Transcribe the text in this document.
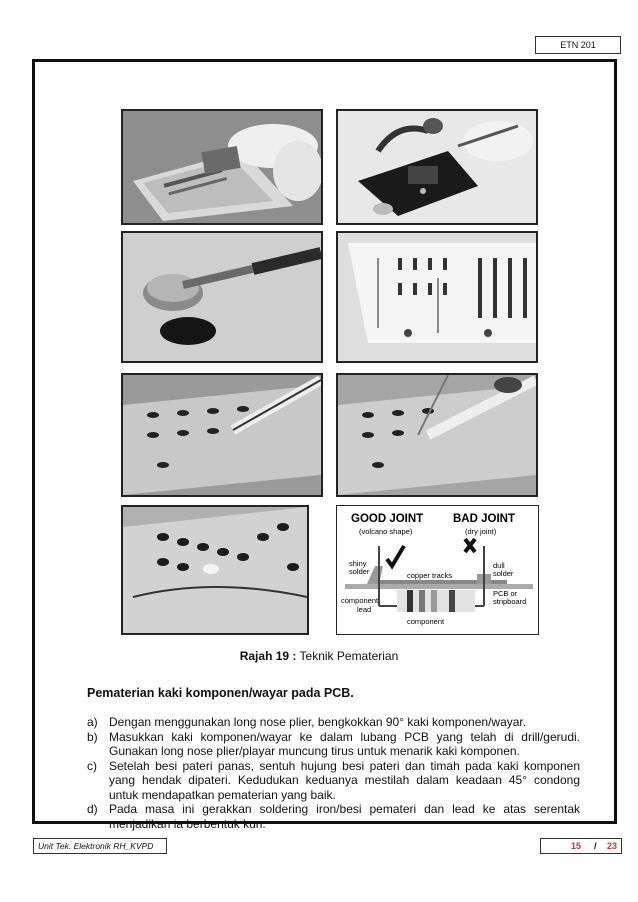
ETN 201
GOOD JOINT
(volcano shape)
BAD JOINT
(dry joint)
shiny
solder
dull
solder
copper tracks
PCB or
stripboard
component
lead
component
Rajah 19 : Teknik Pematerian
Pematerian kaki komponen/wayar pada PCB.
a) Dengan menggunakan long nose plier, bengkokkan 90° kaki komponen/wayar.
b) Masukkan kaki komponen/wayar ke dalam lubang PCB yang telah di drill/gerudi. Gunakan long nose plier/playar muncung tirus untuk menarik kaki komponen.
c)	Setelah besi pateri panas, sentuh hujung besi pateri dan timah pada kaki komponen yang hendak dipateri. Kedudukan keduanya mestilah dalam keadaan 45° condong untuk mendapatkan pematerian yang baik.
d) Pada masa ini gerakkan soldering iron/besi pemateri dan lead ke atas serentak menjadikan ia berbentuk kun.
Unit Tek. Elektronik RH_KVPD	15 / 23
